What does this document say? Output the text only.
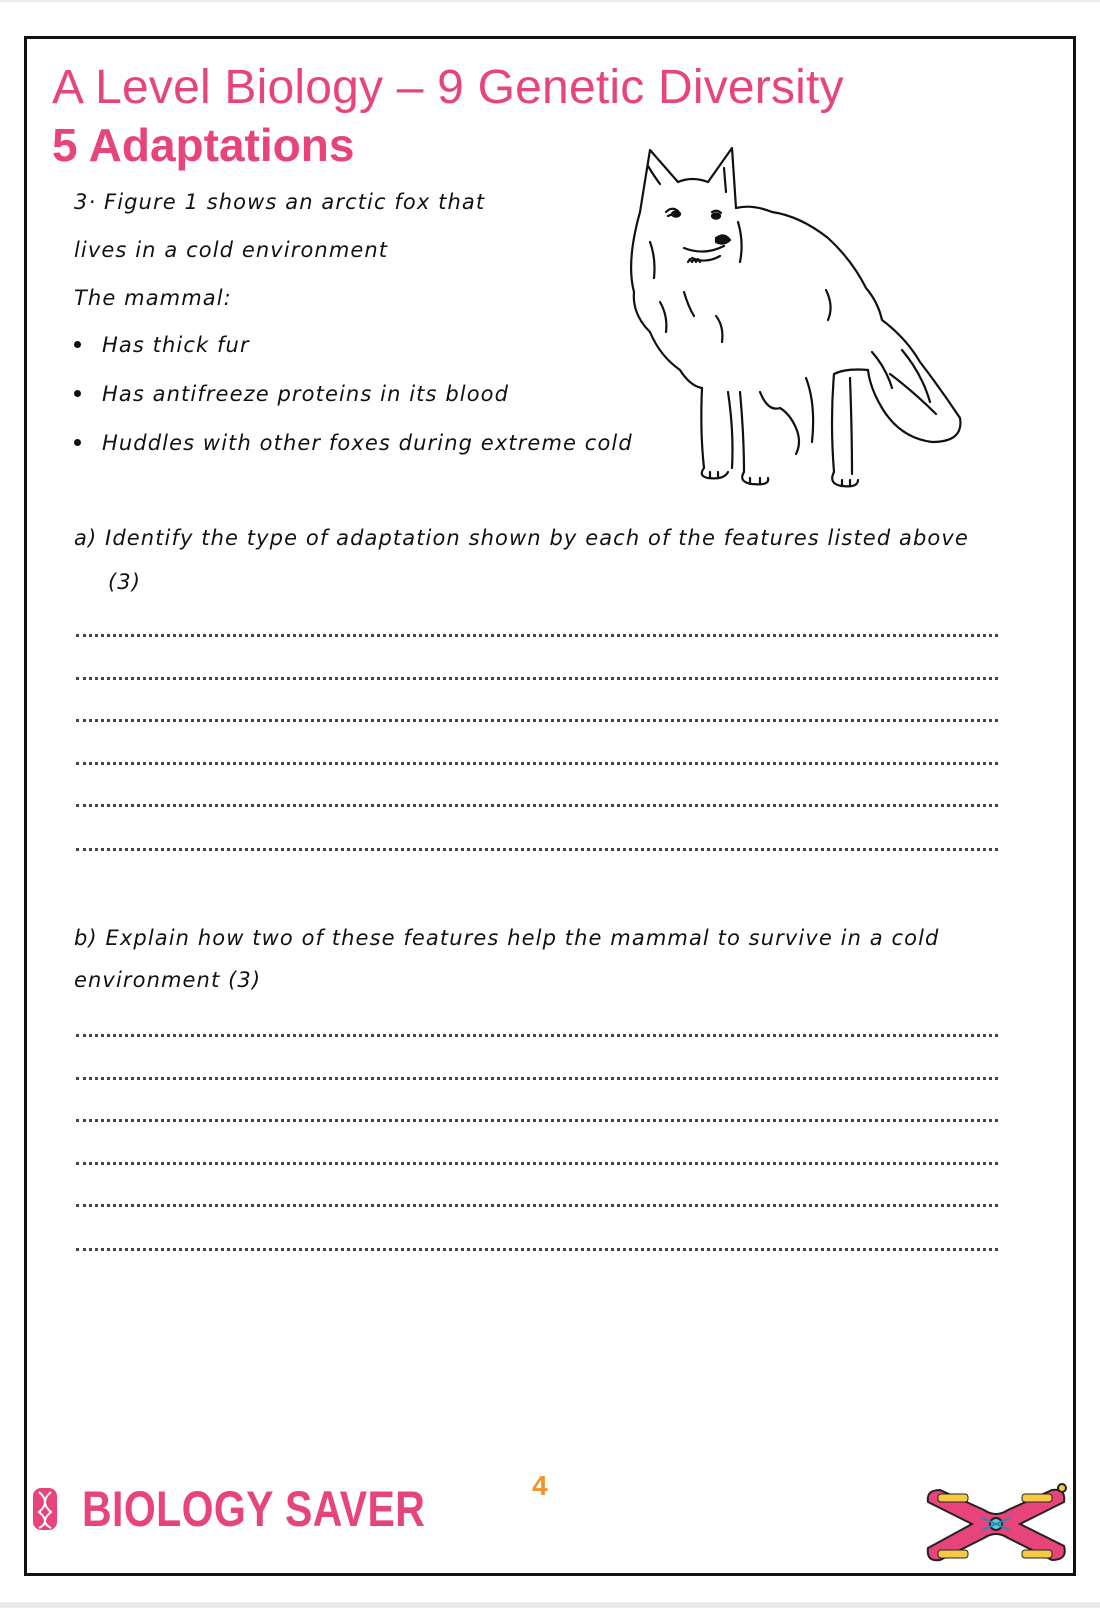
A Level Biology – 9 Genetic Diversity
5 Adaptations
3· Figure 1 shows an arctic fox that
lives in a cold environment
The mammal:
Has thick fur
Has antifreeze proteins in its blood
Huddles with other foxes during extreme cold
a) Identify the type of adaptation shown by each of the features listed above
(3)
b) Explain how two of these features help the mammal to survive in a cold
environment (3)
BIOLOGY SAVER	4
